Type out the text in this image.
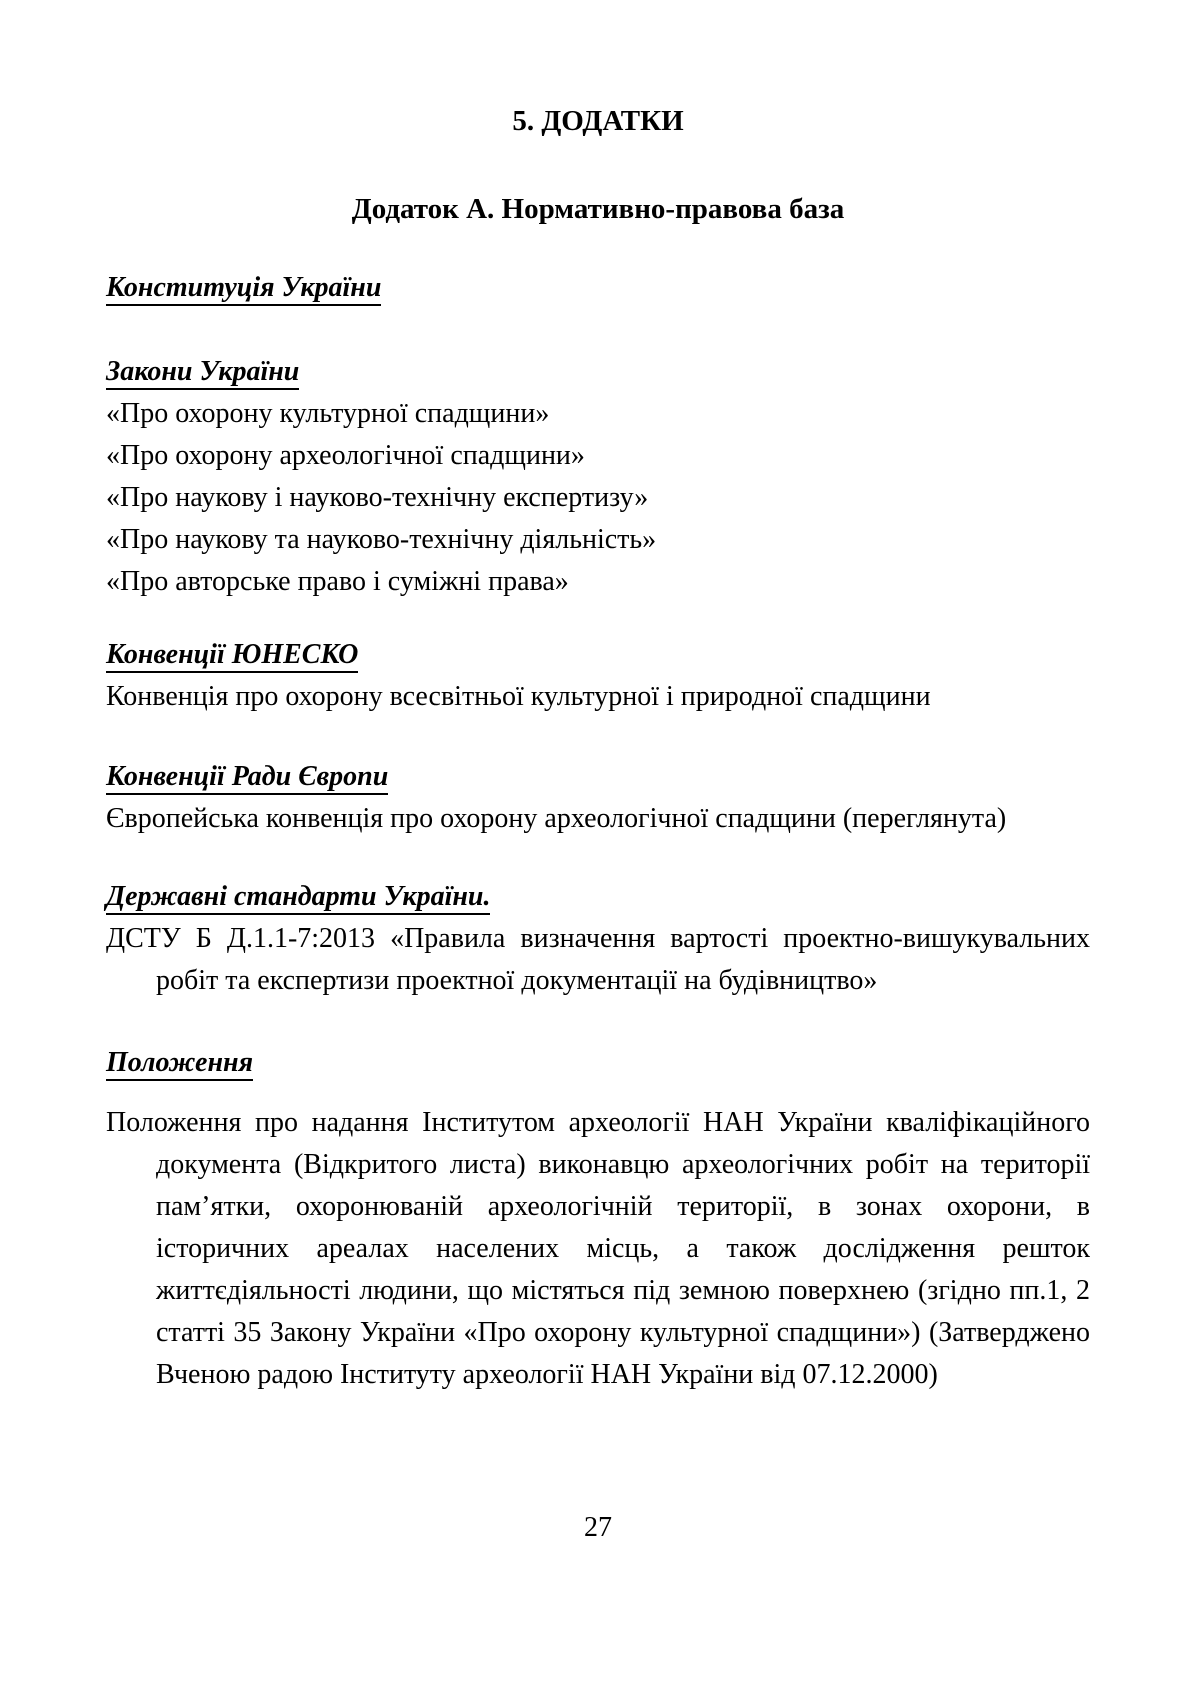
5. ДОДАТКИ
Додаток А. Нормативно-правова база

Конституція України

Закони України

«Про охорону культурної спадщини»

«Про охорону археологічної спадщини»

«Про наукову і науково-технічну експертизу»

«Про наукову та науково-технічну діяльність»

«Про авторське право і суміжні права»

Конвенції ЮНЕСКО

Конвенція про охорону всесвітньої культурної і природної спадщини

Конвенції Ради Європи

Європейська конвенція про охорону археологічної спадщини (переглянута)

Державні стандарти України.

ДСТУ Б Д.1.1-7:2013 «Правила визначення вартості проектно-вишукувальних робіт та експертизи проектної документації на будівництво»

Положення

Положення про надання Інститутом археології НАН України кваліфікаційного документа (Відкритого листа) виконавцю археологічних робіт на території памʼятки, охоронюваній археологічній території, в зонах охорони, в історичних ареалах населених місць, а також дослідження решток життєдіяльності людини, що містяться під земною поверхнею (згідно пп.1, 2 статті 35 Закону України «Про охорону культурної спадщини») (Затверджено Вченою радою Інституту археології НАН України від 07.12.2000)

27
